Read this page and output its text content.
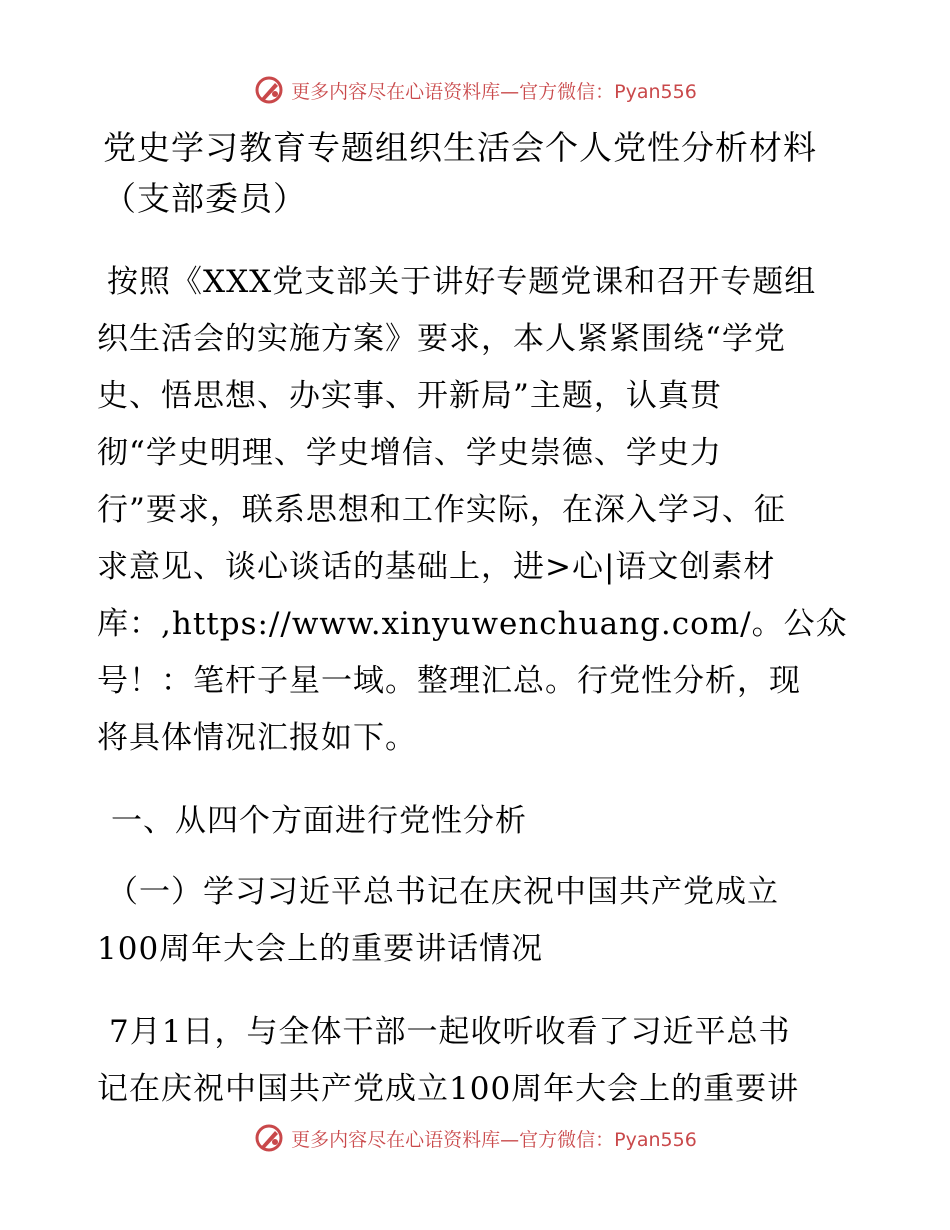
更多内容尽在心语资料库—官方微信：Pyan556
党史学习教育专题组织生活会个人党性分析材料
（支部委员）

按照《XXX党支部关于讲好专题党课和召开专题组
织生活会的实施方案》要求，本人紧紧围绕“学党
史、悟思想、办实事、开新局”主题，认真贯
彻“学史明理、学史增信、学史崇德、学史力
行”要求，联系思想和工作实际，在深入学习、征
求意见、谈心谈话的基础上，进>心|语文创素材
库：,https://www.xinyuwenchuang.com/。公众
号！：笔杆子星一域。整理汇总。行党性分析，现
将具体情况汇报如下。

一、从四个方面进行党性分析

（一）学习习近平总书记在庆祝中国共产党成立
100周年大会上的重要讲话情况

7月1日，与全体干部一起收听收看了习近平总书
记在庆祝中国共产党成立100周年大会上的重要讲

更多内容尽在心语资料库—官方微信：Pyan556
